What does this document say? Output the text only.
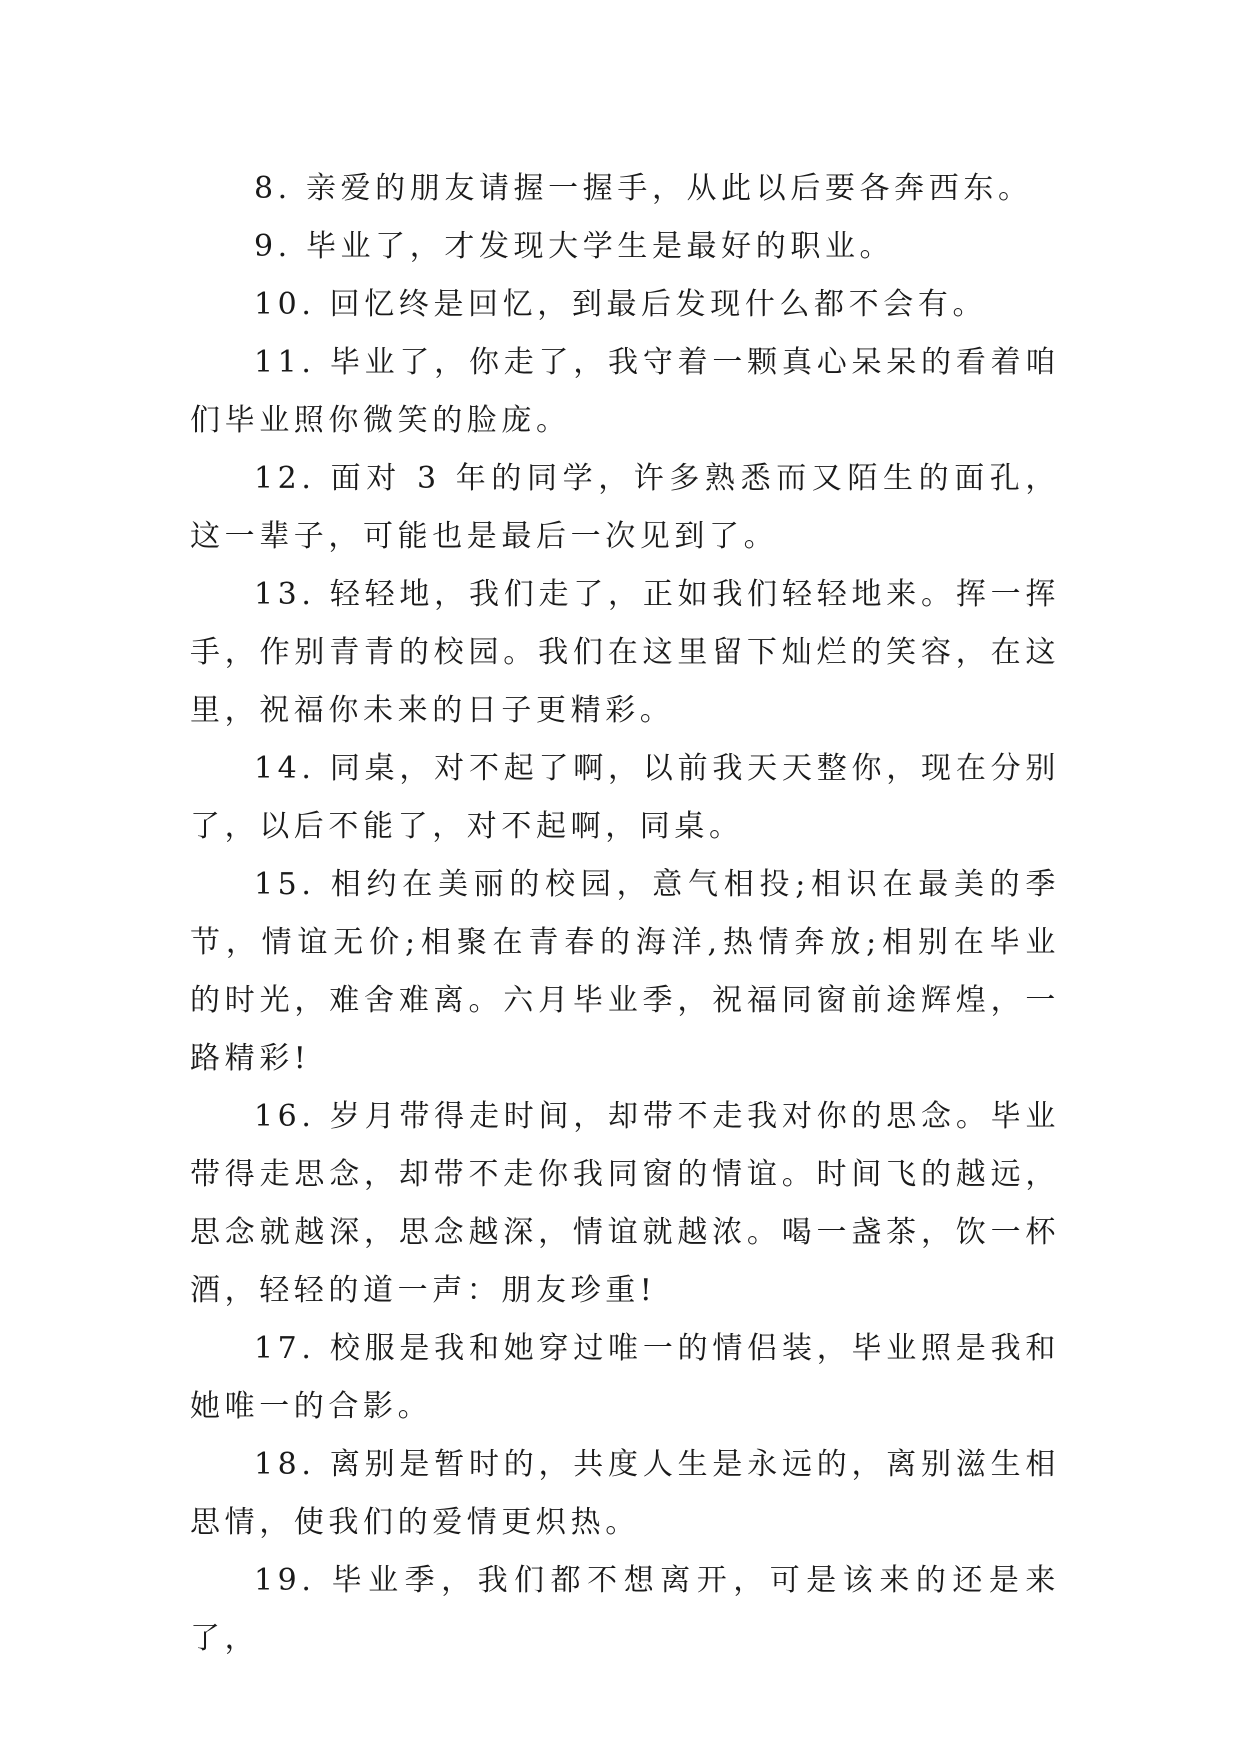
8. 亲爱的朋友请握一握手，从此以后要各奔西东。

9. 毕业了，才发现大学生是最好的职业。

10. 回忆终是回忆，到最后发现什么都不会有。

11. 毕业了，你走了，我守着一颗真心呆呆的看着咱们毕业照你微笑的脸庞。

12. 面对 3 年的同学，许多熟悉而又陌生的面孔，这一辈子，可能也是最后一次见到了。

13. 轻轻地，我们走了，正如我们轻轻地来。挥一挥手，作别青青的校园。我们在这里留下灿烂的笑容，在这里，祝福你未来的日子更精彩。

14. 同桌，对不起了啊，以前我天天整你，现在分别了，以后不能了，对不起啊，同桌。

15. 相约在美丽的校园，意气相投;相识在最美的季节，情谊无价;相聚在青春的海洋,热情奔放;相别在毕业的时光，难舍难离。六月毕业季，祝福同窗前途辉煌，一路精彩!

16. 岁月带得走时间，却带不走我对你的思念。毕业带得走思念，却带不走你我同窗的情谊。时间飞的越远，思念就越深，思念越深，情谊就越浓。喝一盏茶，饮一杯酒，轻轻的道一声：朋友珍重!

17. 校服是我和她穿过唯一的情侣装，毕业照是我和她唯一的合影。

18. 离别是暂时的，共度人生是永远的，离别滋生相思情，使我们的爱情更炽热。

19. 毕业季，我们都不想离开，可是该来的还是来了，
